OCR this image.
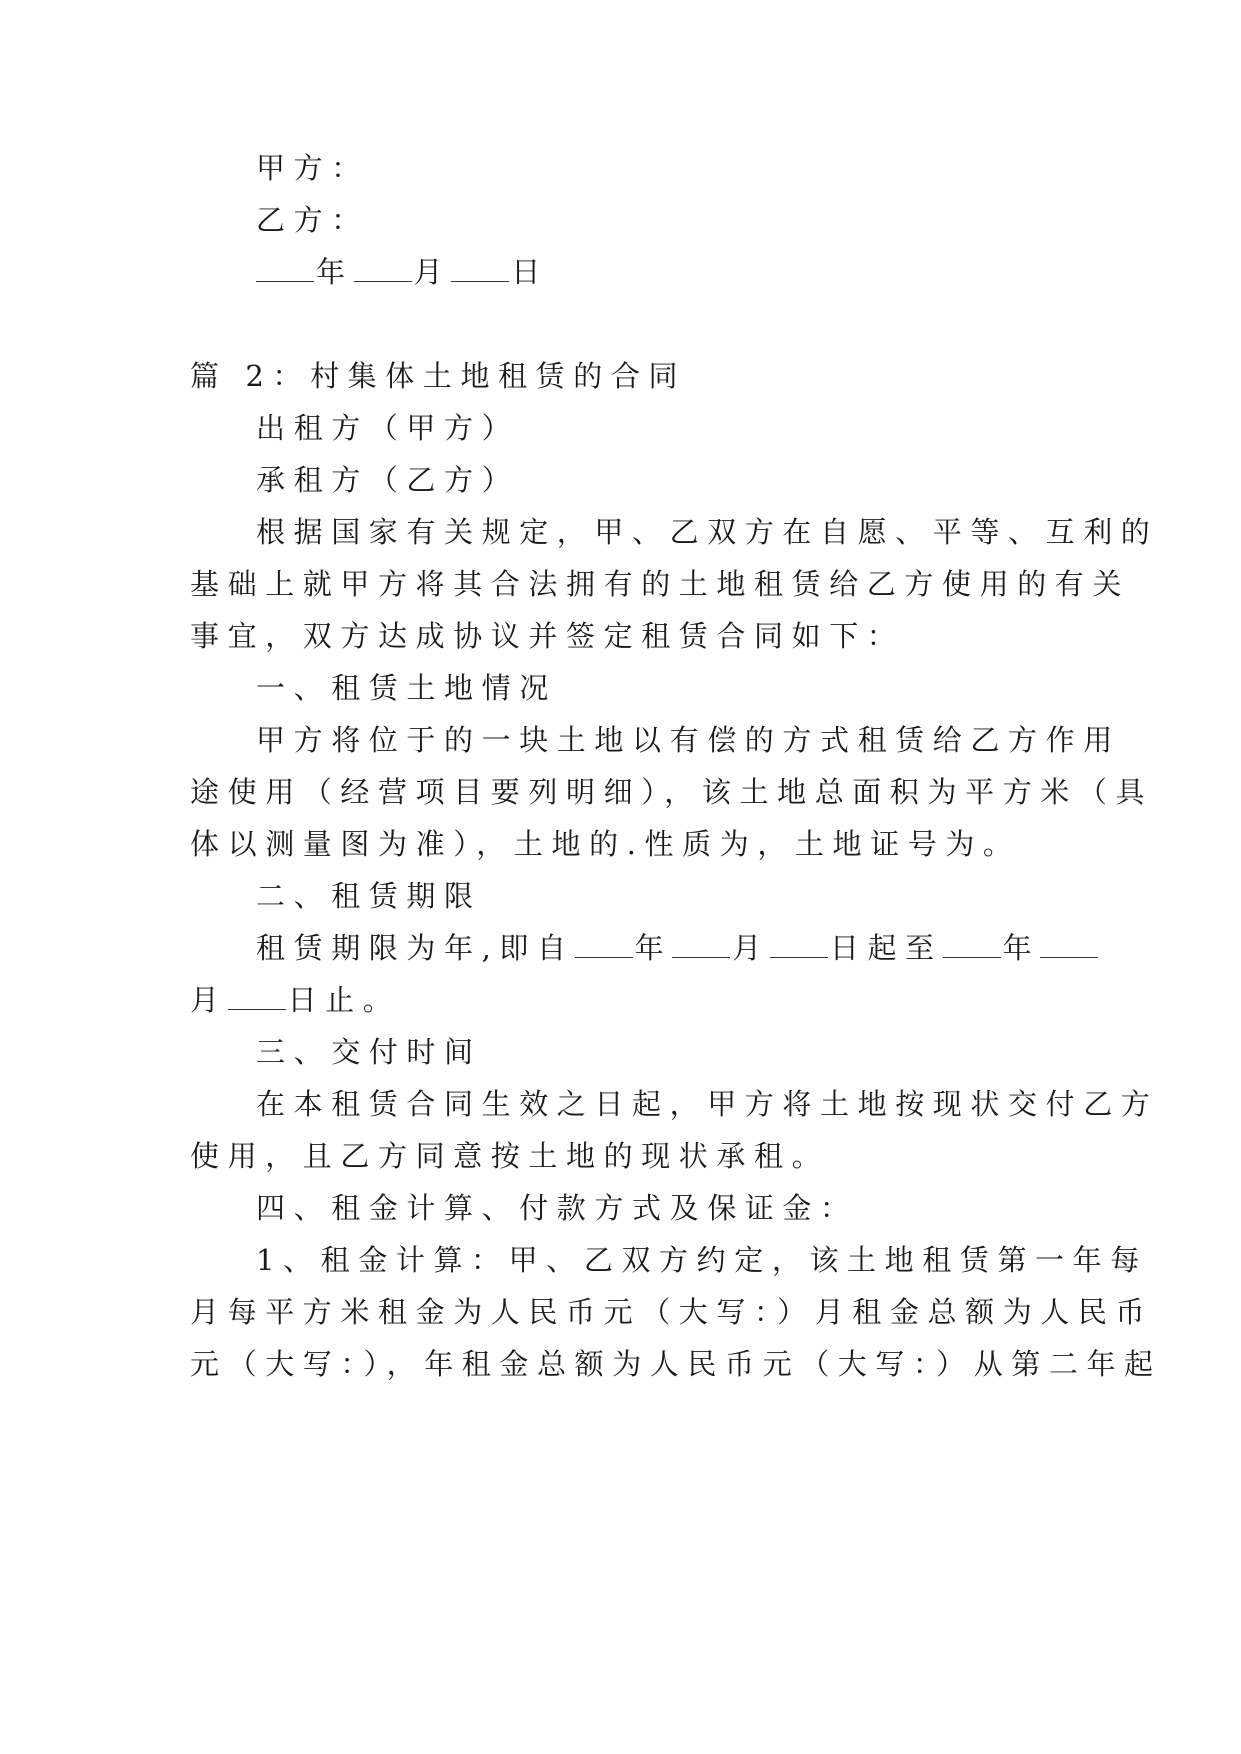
甲方：
乙方：
年 月 日
篇 2：村集体土地租赁的合同
出租方（甲方）
承租方（乙方）
根据国家有关规定，甲、乙双方在自愿、平等、互利的
基础上就甲方将其合法拥有的土地租赁给乙方使用的有关
事宜，双方达成协议并签定租赁合同如下：
一、租赁土地情况
甲方将位于的一块土地以有偿的方式租赁给乙方作用
途使用（经营项目要列明细），该土地总面积为平方米（具
体以测量图为准），土地的.性质为，土地证号为。
二、租赁期限
租赁期限为年,即自 年 月 日起至 年
月 日止。
三、交付时间
在本租赁合同生效之日起，甲方将土地按现状交付乙方
使用，且乙方同意按土地的现状承租。
四、租金计算、付款方式及保证金：
1、租金计算：甲、乙双方约定，该土地租赁第一年每
月每平方米租金为人民币元（大写：）月租金总额为人民币
元（大写：），年租金总额为人民币元（大写：）从第二年起
